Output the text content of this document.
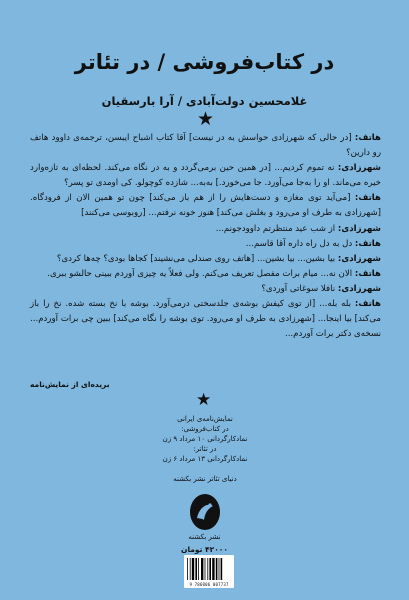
در کتاب‌فروشی / در تئاتر
غلامحسین دولت‌آبادی / آرا بارسقیان
★

هاتف: [در حالی که شهرزادی حواسش به در نیست] آقا کتاب اشباح ایبسن، ترجمه‌ی داوود هاتف رو دارین؟

شهرزادی: نه تموم کردیم... [در همین حین برمی‌گردد و به در نگاه می‌کند. لحظه‌ای به تازه‌وارد خیره می‌ماند. او را به‌جا می‌آورد. جا می‌خورد.] به‌به... شازده کوچولو. کی اومدی تو پسر؟

هاتف: [می‌آید توی مغازه و دست‌هایش را از هم باز می‌کند] چون تو همین الان از فرودگاه. [شهرزادی به طرف او می‌رود و بغلش می‌کند] هنوز خونه نرفتم... [روبوسی می‌کنند]

شهرزادی: از شب عید منتظرتم داوودجونم...

هاتف: دل به دل راه داره آقا قاسم...

شهرزادی: بیا بشین... بیا بشین... [هاتف روی صندلی می‌نشیند] کجاها بودی؟ چه‌ها کردی؟

هاتف: الان نه... میام برات مفصل تعریف می‌کنم. ولی فعلاً یه چیزی آوردم ببینی حالشو ببری.

شهرزادی: نافلا سوغاتی آوردی؟

هاتف: بله بله... [از توی کیفش بوشه‌ی جلدسختی درمی‌آورد. بوشه با نخ بسته شده. نخ را باز می‌کند] بیا اینجا... [شهرزادی به طرف او می‌رود. توی بوشه را نگاه می‌کند] ببین چی برات آوردم... نسخه‌ی دکتر برات آوردم...

بریده‌ای از نمایش‌نامه
★
نمایش‌نامه‌ی ایرانی
در کتاب‌فروشی:
نمادکارگردانی ۱۰ مرداد ۹ زن
در تئاتر:
نمادکارگردانی ۱۳ مرداد ۶ زن

دنیای تئاتر نشر بکشنه
نشر بکشنه
۴۲۰۰۰ تومان
9 786006 007737
